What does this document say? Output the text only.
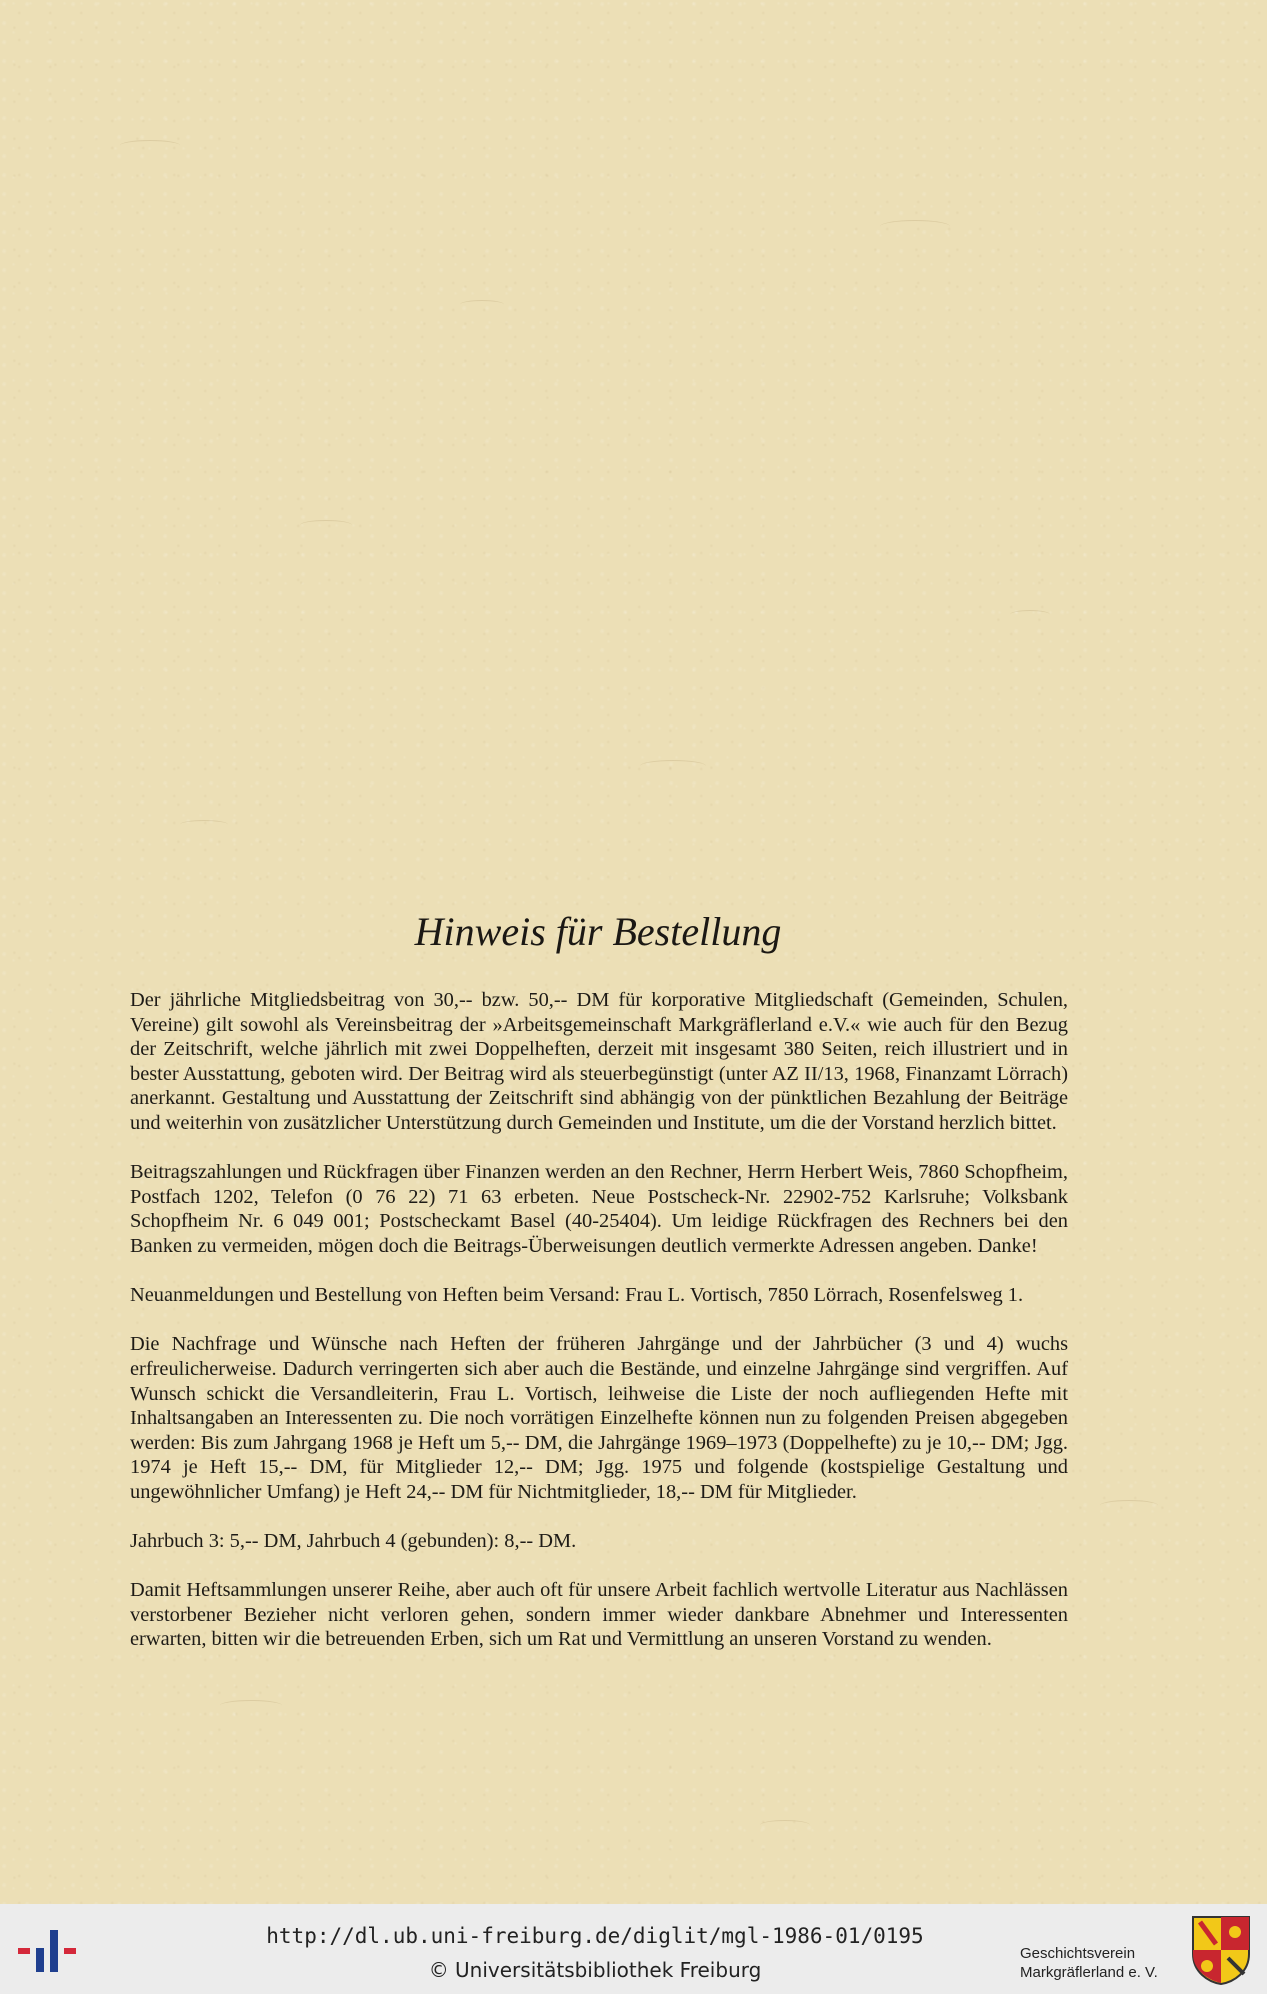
Hinweis für Bestellung

Der jährliche Mitgliedsbeitrag von 30,-- bzw. 50,-- DM für korporative Mitgliedschaft (Gemeinden, Schulen, Vereine) gilt sowohl als Vereinsbeitrag der »Arbeitsgemeinschaft Markgräflerland e.V.« wie auch für den Bezug der Zeitschrift, welche jährlich mit zwei Doppelheften, derzeit mit insgesamt 380 Seiten, reich illustriert und in bester Ausstattung, geboten wird. Der Beitrag wird als steuerbegünstigt (unter AZ II/13, 1968, Finanzamt Lörrach) anerkannt. Gestaltung und Ausstattung der Zeitschrift sind abhängig von der pünktlichen Bezahlung der Beiträge und weiterhin von zusätzlicher Unterstützung durch Gemeinden und Institute, um die der Vorstand herzlich bittet.

Beitragszahlungen und Rückfragen über Finanzen werden an den Rechner, Herrn Herbert Weis, 7860 Schopfheim, Postfach 1202, Telefon (0 76 22) 71 63 erbeten. Neue Postscheck-Nr. 22902-752 Karlsruhe; Volksbank Schopfheim Nr. 6 049 001; Postscheckamt Basel (40-25404). Um leidige Rückfragen des Rechners bei den Banken zu vermeiden, mögen doch die Beitrags-Überweisungen deutlich vermerkte Adressen angeben. Danke!

Neuanmeldungen und Bestellung von Heften beim Versand: Frau L. Vortisch, 7850 Lörrach, Rosenfelsweg 1.

Die Nachfrage und Wünsche nach Heften der früheren Jahrgänge und der Jahrbücher (3 und 4) wuchs erfreulicherweise. Dadurch verringerten sich aber auch die Bestände, und einzelne Jahrgänge sind vergriffen. Auf Wunsch schickt die Versandleiterin, Frau L. Vortisch, leihweise die Liste der noch aufliegenden Hefte mit Inhaltsangaben an Interessenten zu. Die noch vorrätigen Einzelhefte können nun zu folgenden Preisen abgegeben werden: Bis zum Jahrgang 1968 je Heft um 5,-- DM, die Jahrgänge 1969–1973 (Doppelhefte) zu je 10,-- DM; Jgg. 1974 je Heft 15,-- DM, für Mitglieder 12,-- DM; Jgg. 1975 und folgende (kostspielige Gestaltung und ungewöhnlicher Umfang) je Heft 24,-- DM für Nichtmitglieder, 18,-- DM für Mitglieder.

Jahrbuch 3: 5,-- DM, Jahrbuch 4 (gebunden): 8,-- DM.

Damit Heftsammlungen unserer Reihe, aber auch oft für unsere Arbeit fachlich wertvolle Literatur aus Nachlässen verstorbener Bezieher nicht verloren gehen, sondern immer wieder dankbare Abnehmer und Interessenten erwarten, bitten wir die betreuenden Erben, sich um Rat und Vermittlung an unseren Vorstand zu wenden.

http://dl.ub.uni-freiburg.de/diglit/mgl-1986-01/0195
© Universitätsbibliothek Freiburg
Geschichtsverein
Markgräflerland e. V.
